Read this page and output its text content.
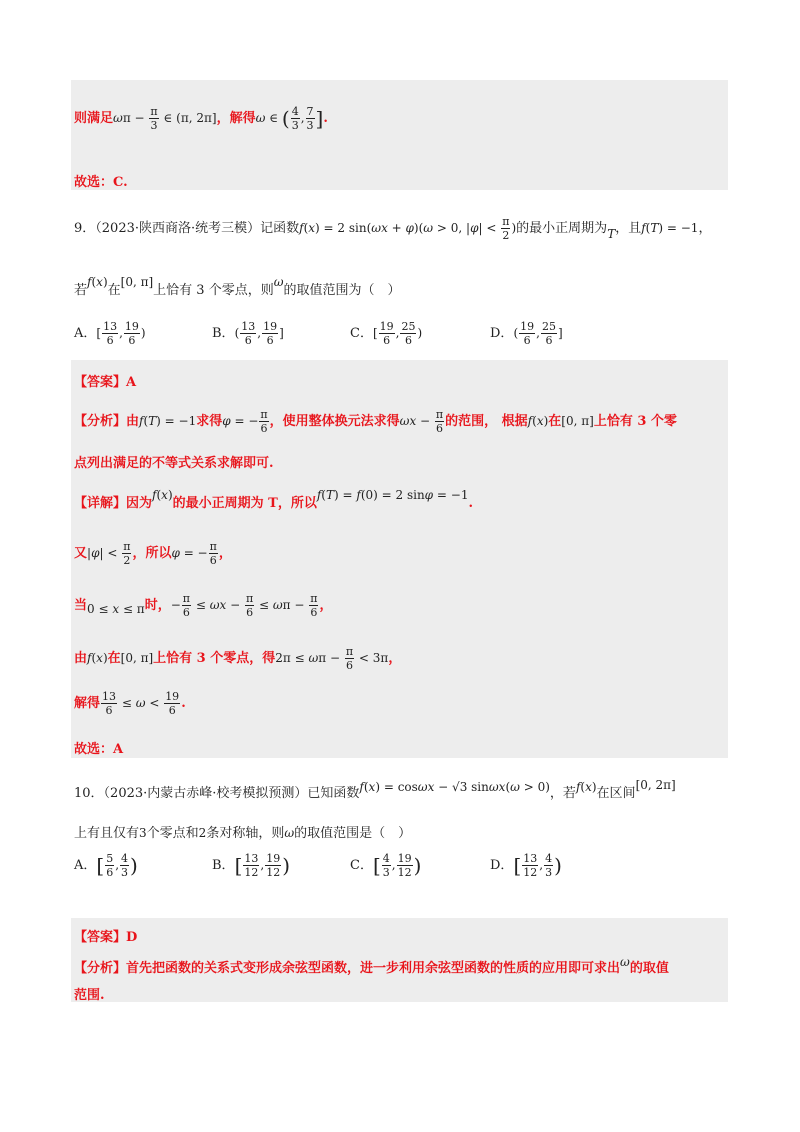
则满足$\omega\pi - \frac{\pi}{3}$ ∈ (π, 2π]，解得ω ∈ ( $\frac{4}{3}$ , $\frac{7}{3}$ ].
故选：C.
9．（2023·陕西商洛·统考三模）记函数f(x) = 2 sin(ωx + φ)(ω > 0, $|\varphi| < \frac{\pi}{2}$ )的最小正周期为T，且f(T) = −1，
若f(x)在[0, π]上恰有 3 个零点，则ω的取值范围为（　）
A．[ $\frac{13}{6}$ , $\frac{19}{6}$ )	B．( $\frac{13}{6}$ , $\frac{19}{6}$ ]	C．[ $\frac{19}{6}$ , $\frac{25}{6}$ )	D．( $\frac{19}{6}$ , $\frac{25}{6}$ ]
【答案】A
【分析】由f(T) = −1求得φ = − $\frac{\pi}{6}$ ，使用整体换元法求得$\omega x - \frac{\pi}{6}$ 的范围， 根据f(x)在[0, π]上恰有 3 个零
点列出满足的不等式关系求解即可.
【详解】因为f(x)的最小正周期为 T，所以f(T) = f(0) = 2 sinφ = −1.
又$|\varphi| < \frac{\pi}{2}$ ，所以φ = − $\frac{\pi}{6}$ ，
当0 ≤ x ≤ π时，− $\frac{\pi}{6} \le \omega x - \frac{\pi}{6} \le \omega\pi - \frac{\pi}{6}$ ，
由f(x)在[0, π]上恰有 3 个零点，得$2\pi \le \omega\pi - \frac{\pi}{6} < 3\pi$，
解得 $\frac{13}{6} \le \omega < \frac{19}{6}$ .
故选：A
10．（2023·内蒙古赤峰·校考模拟预测）已知函数f(x) = cosωx − √3 sinωx(ω > 0)，若f(x)在区间[0, 2π]
上有且仅有3个零点和2条对称轴，则ω的取值范围是（　）
A．[ $\frac{5}{6}$ , $\frac{4}{3}$ )	B．[ $\frac{13}{12}$ , $\frac{19}{12}$ )	C．[ $\frac{4}{3}$ , $\frac{19}{12}$ )	D．[ $\frac{13}{12}$ , $\frac{4}{3}$ )
【答案】D
【分析】首先把函数的关系式变形成余弦型函数，进一步利用余弦型函数的性质的应用即可求出ω的取值
范围.
